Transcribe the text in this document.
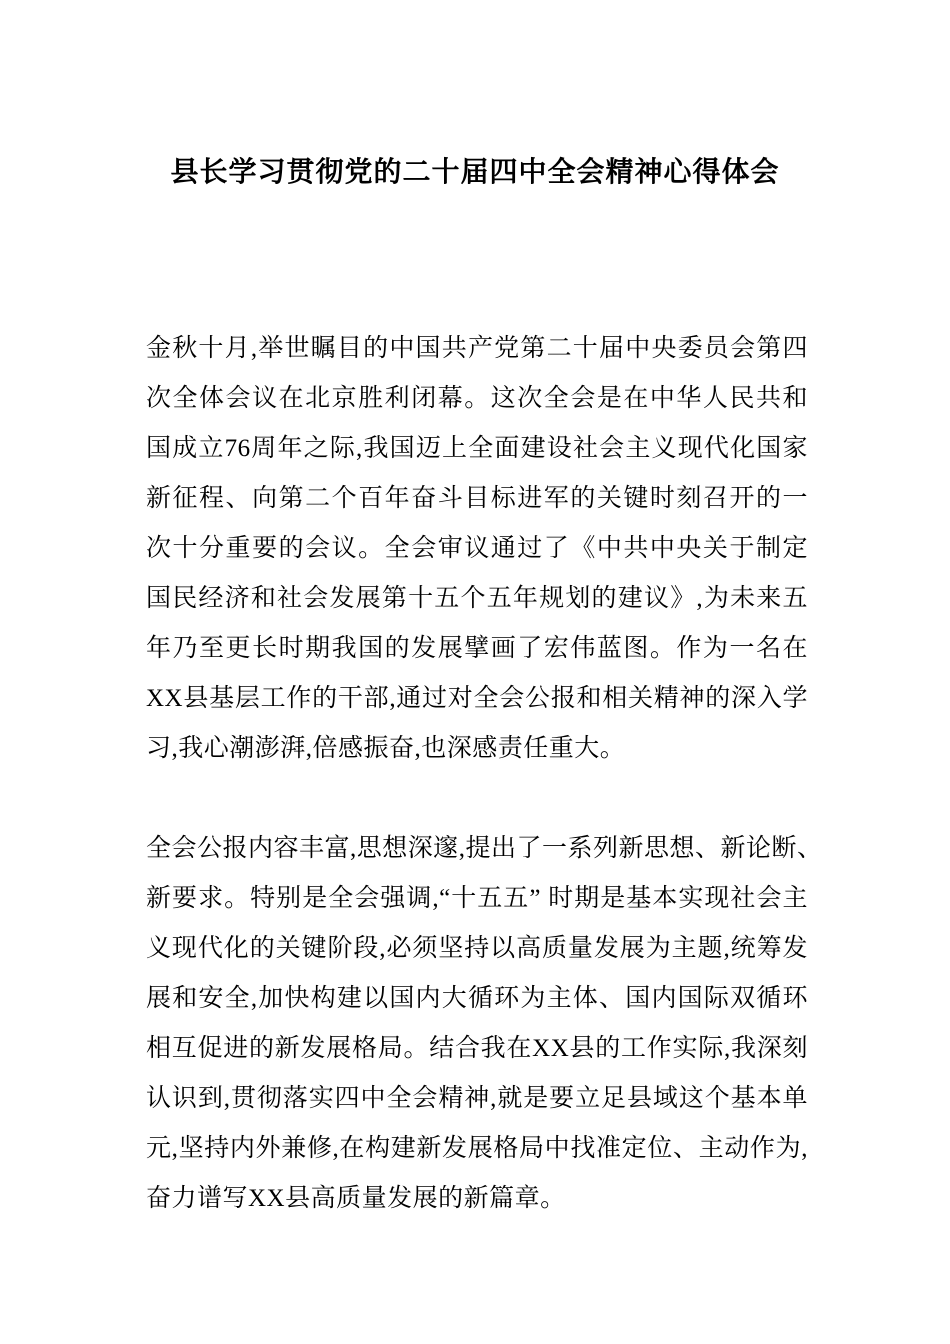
县长学习贯彻党的二十届四中全会精神心得体会
金秋十月,举世瞩目的中国共产党第二十届中央委员会第四
次全体会议在北京胜利闭幕。这次全会是在中华人民共和
国成立76周年之际,我国迈上全面建设社会主义现代化国家
新征程、向第二个百年奋斗目标进军的关键时刻召开的一
次十分重要的会议。全会审议通过了《中共中央关于制定
国民经济和社会发展第十五个五年规划的建议》,为未来五
年乃至更长时期我国的发展擘画了宏伟蓝图。作为一名在
XX县基层工作的干部,通过对全会公报和相关精神的深入学
习,我心潮澎湃,倍感振奋,也深感责任重大。
全会公报内容丰富,思想深邃,提出了一系列新思想、新论断、
新要求。特别是全会强调,“十五五” 时期是基本实现社会主
义现代化的关键阶段,必须坚持以高质量发展为主题,统筹发
展和安全,加快构建以国内大循环为主体、国内国际双循环
相互促进的新发展格局。结合我在XX县的工作实际,我深刻
认识到,贯彻落实四中全会精神,就是要立足县域这个基本单
元,坚持内外兼修,在构建新发展格局中找准定位、主动作为,
奋力谱写XX县高质量发展的新篇章。
